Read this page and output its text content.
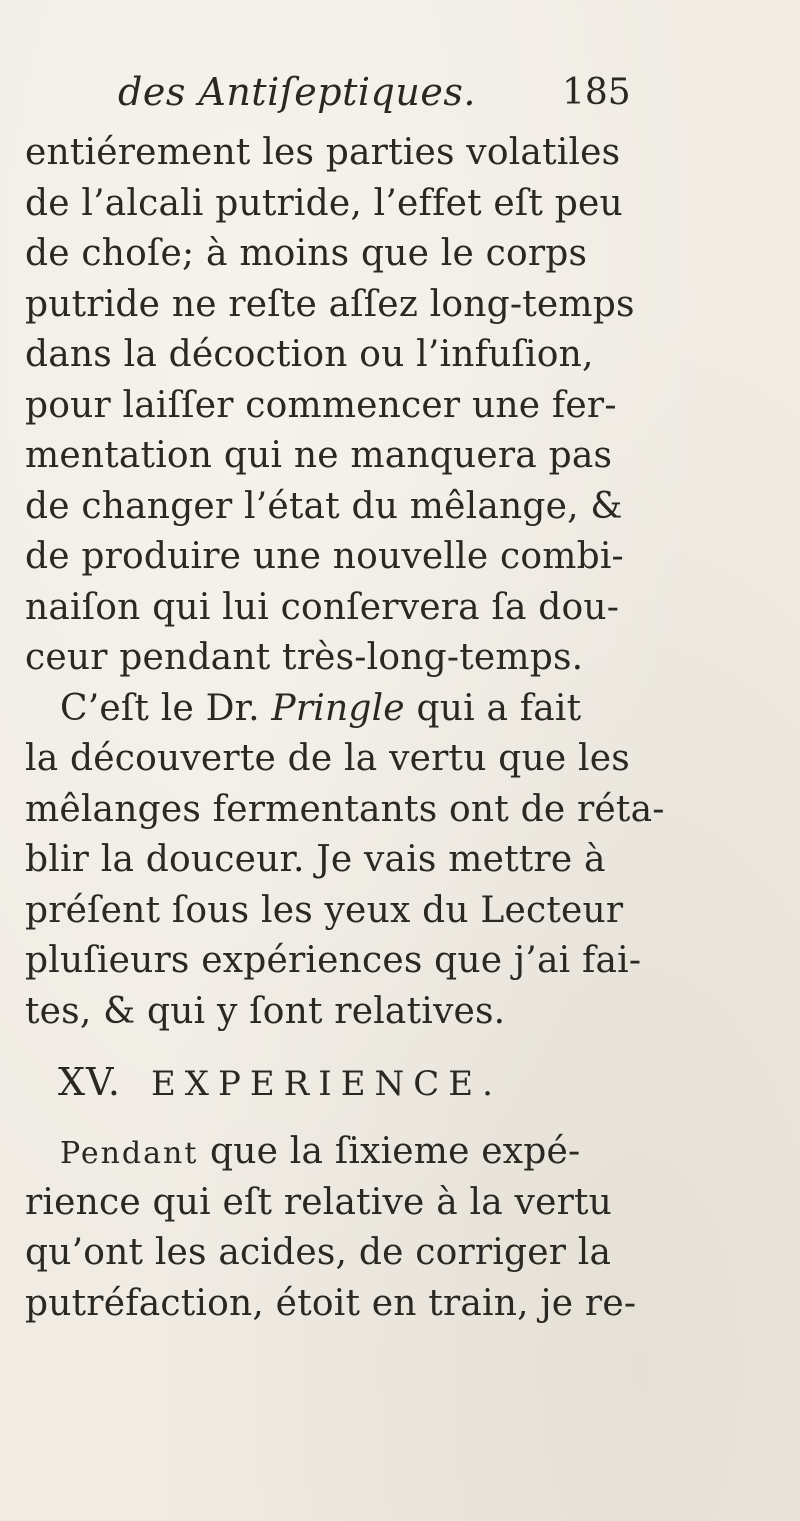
des Antiſeptiques. 185
entiérement les parties volatiles
de l’alcali putride, l’effet eſt peu
de choſe; à moins que le corps
putride ne reſte aſſez long-temps
dans la décoction ou l’infuſion,
pour laiſſer commencer une fer-
mentation qui ne manquera pas
de changer l’état du mêlange, &
de produire une nouvelle combi-
naiſon qui lui conſervera ſa dou-
ceur pendant très-long-temps.
C’eſt le Dr. Pringle qui a fait
la découverte de la vertu que les
mêlanges fermentants ont de réta-
blir la douceur. Je vais mettre à
préſent ſous les yeux du Lecteur
pluſieurs expériences que j’ai fai-
tes, & qui y ſont relatives.
XV. EXPERIENCE.
Pendant que la ſixieme expé-
rience qui eſt relative à la vertu
qu’ont les acides, de corriger la
putréfaction, étoit en train, je re-
